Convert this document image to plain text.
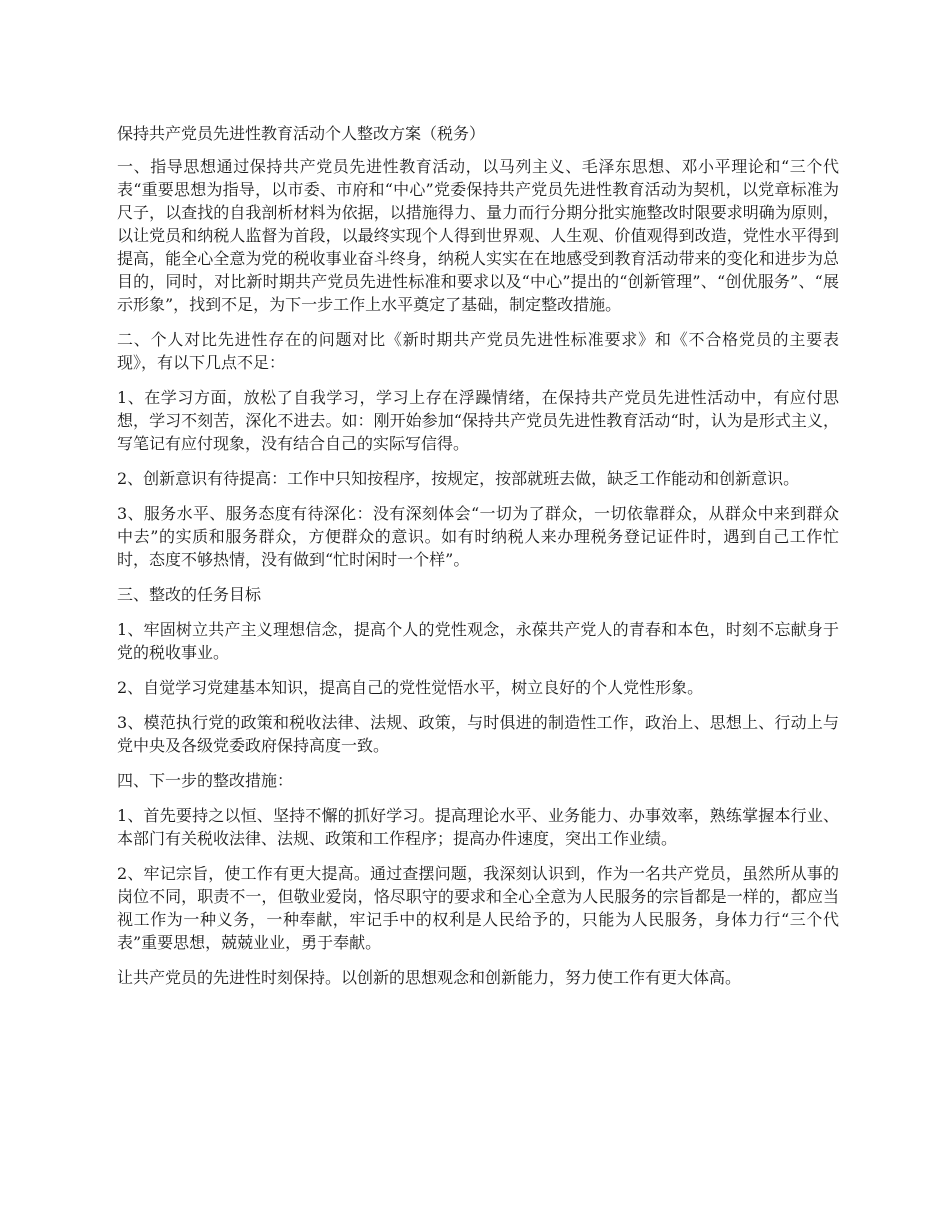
保持共产党员先进性教育活动个人整改方案（税务）

一、指导思想通过保持共产党员先进性教育活动，以马列主义、毛泽东思想、邓小平理论和“三个代表“重要思想为指导，以市委、市府和“中心”党委保持共产党员先进性教育活动为契机，以党章标准为尺子，以查找的自我剖析材料为依据，以措施得力、量力而行分期分批实施整改时限要求明确为原则，以让党员和纳税人监督为首段，以最终实现个人得到世界观、人生观、价值观得到改造，党性水平得到提高，能全心全意为党的税收事业奋斗终身，纳税人实实在在地感受到教育活动带来的变化和进步为总目的，同时，对比新时期共产党员先进性标准和要求以及“中心”提出的“创新管理”、“创优服务”、“展示形象”，找到不足，为下一步工作上水平奠定了基础，制定整改措施。

二、个人对比先进性存在的问题对比《新时期共产党员先进性标准要求》和《不合格党员的主要表现》，有以下几点不足：

1、在学习方面，放松了自我学习，学习上存在浮躁情绪，在保持共产党员先进性活动中，有应付思想，学习不刻苦，深化不进去。如：刚开始参加“保持共产党员先进性教育活动“时，认为是形式主义，写笔记有应付现象，没有结合自己的实际写信得。

2、创新意识有待提高：工作中只知按程序，按规定，按部就班去做，缺乏工作能动和创新意识。

3、服务水平、服务态度有待深化：没有深刻体会“一切为了群众，一切依靠群众，从群众中来到群众中去”的实质和服务群众，方便群众的意识。如有时纳税人来办理税务登记证件时，遇到自己工作忙时，态度不够热情，没有做到“忙时闲时一个样”。

三、整改的任务目标

1、牢固树立共产主义理想信念，提高个人的党性观念，永葆共产党人的青春和本色，时刻不忘献身于党的税收事业。

2、自觉学习党建基本知识，提高自己的党性觉悟水平，树立良好的个人党性形象。

3、模范执行党的政策和税收法律、法规、政策，与时俱进的制造性工作，政治上、思想上、行动上与党中央及各级党委政府保持高度一致。

四、下一步的整改措施：

1、首先要持之以恒、坚持不懈的抓好学习。提高理论水平、业务能力、办事效率，熟练掌握本行业、本部门有关税收法律、法规、政策和工作程序；提高办件速度，突出工作业绩。

2、牢记宗旨，使工作有更大提高。通过查摆问题，我深刻认识到，作为一名共产党员，虽然所从事的岗位不同，职责不一，但敬业爱岗，恪尽职守的要求和全心全意为人民服务的宗旨都是一样的，都应当视工作为一种义务，一种奉献，牢记手中的权利是人民给予的，只能为人民服务，身体力行“三个代表”重要思想，兢兢业业，勇于奉献。

让共产党员的先进性时刻保持。以创新的思想观念和创新能力，努力使工作有更大体高。
